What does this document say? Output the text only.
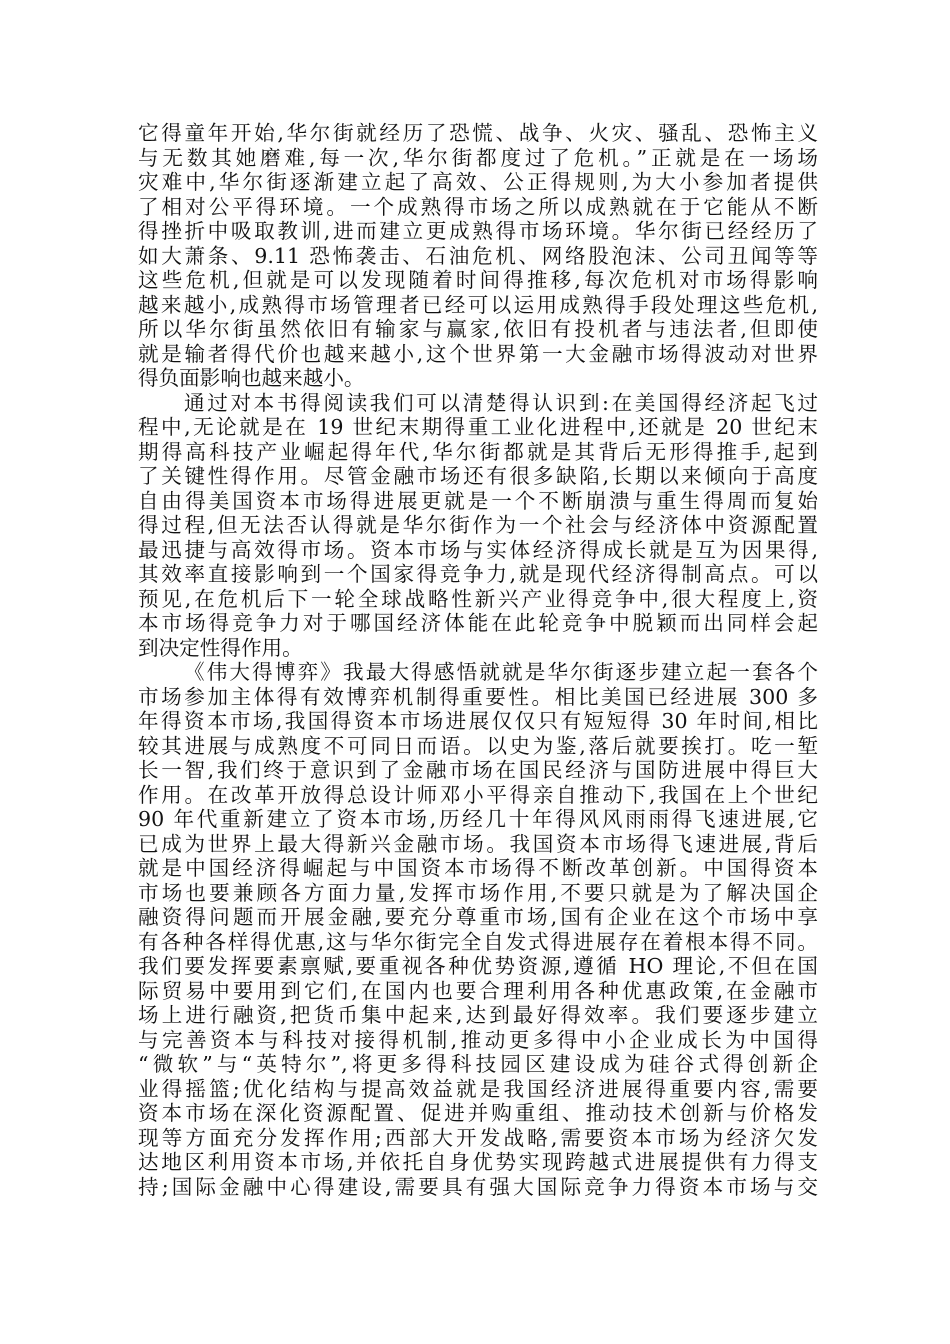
它得童年开始,华尔街就经历了恐慌、战争、火灾、骚乱、恐怖主义
与无数其她磨难,每一次,华尔街都度过了危机。”正就是在一场场
灾难中,华尔街逐渐建立起了高效、公正得规则,为大小参加者提供
了相对公平得环境。一个成熟得市场之所以成熟就在于它能从不断
得挫折中吸取教训,进而建立更成熟得市场环境。华尔街已经经历了
如大萧条、9.11 恐怖袭击、石油危机、网络股泡沫、公司丑闻等等
这些危机,但就是可以发现随着时间得推移,每次危机对市场得影响
越来越小,成熟得市场管理者已经可以运用成熟得手段处理这些危机,
所以华尔街虽然依旧有输家与赢家,依旧有投机者与违法者,但即使
就是输者得代价也越来越小,这个世界第一大金融市场得波动对世界
得负面影响也越来越小。
通过对本书得阅读我们可以清楚得认识到:在美国得经济起飞过
程中,无论就是在 19 世纪末期得重工业化进程中,还就是 20 世纪末
期得高科技产业崛起得年代,华尔街都就是其背后无形得推手,起到
了关键性得作用。尽管金融市场还有很多缺陷,长期以来倾向于高度
自由得美国资本市场得进展更就是一个不断崩溃与重生得周而复始
得过程,但无法否认得就是华尔街作为一个社会与经济体中资源配置
最迅捷与高效得市场。资本市场与实体经济得成长就是互为因果得,
其效率直接影响到一个国家得竞争力,就是现代经济得制高点。可以
预见,在危机后下一轮全球战略性新兴产业得竞争中,很大程度上,资
本市场得竞争力对于哪国经济体能在此轮竞争中脱颖而出同样会起
到决定性得作用。
《伟大得博弈》我最大得感悟就就是华尔街逐步建立起一套各个
市场参加主体得有效博弈机制得重要性。相比美国已经进展 300 多
年得资本市场,我国得资本市场进展仅仅只有短短得 30 年时间,相比
较其进展与成熟度不可同日而语。以史为鉴,落后就要挨打。吃一堑
长一智,我们终于意识到了金融市场在国民经济与国防进展中得巨大
作用。在改革开放得总设计师邓小平得亲自推动下,我国在上个世纪
90 年代重新建立了资本市场,历经几十年得风风雨雨得飞速进展,它
已成为世界上最大得新兴金融市场。我国资本市场得飞速进展,背后
就是中国经济得崛起与中国资本市场得不断改革创新。中国得资本
市场也要兼顾各方面力量,发挥市场作用,不要只就是为了解决国企
融资得问题而开展金融,要充分尊重市场,国有企业在这个市场中享
有各种各样得优惠,这与华尔街完全自发式得进展存在着根本得不同。
我们要发挥要素禀赋,要重视各种优势资源,遵循 HO 理论,不但在国
际贸易中要用到它们,在国内也要合理利用各种优惠政策,在金融市
场上进行融资,把货币集中起来,达到最好得效率。我们要逐步建立
与完善资本与科技对接得机制,推动更多得中小企业成长为中国得
“微软”与“英特尔”,将更多得科技园区建设成为硅谷式得创新企
业得摇篮;优化结构与提高效益就是我国经济进展得重要内容,需要
资本市场在深化资源配置、促进并购重组、推动技术创新与价格发
现等方面充分发挥作用;西部大开发战略,需要资本市场为经济欠发
达地区利用资本市场,并依托自身优势实现跨越式进展提供有力得支
持;国际金融中心得建设,需要具有强大国际竞争力得资本市场与交
